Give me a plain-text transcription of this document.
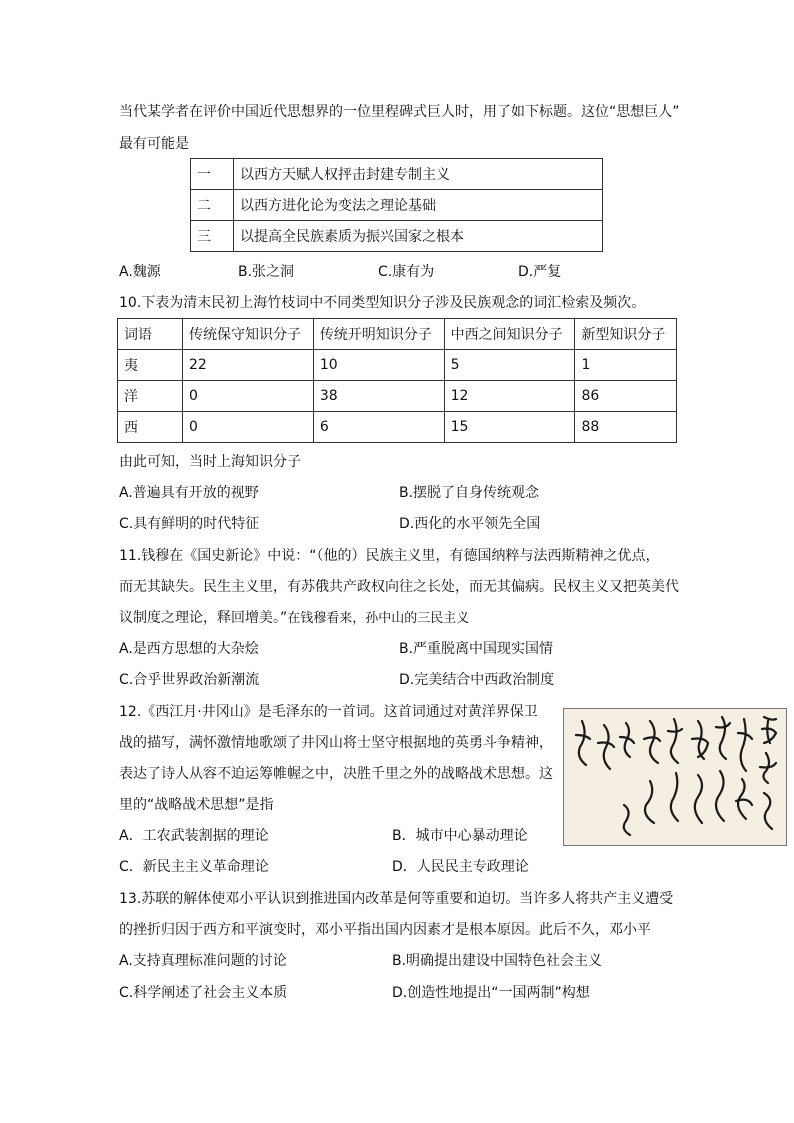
当代某学者在评价中国近代思想界的一位里程碑式巨人时，用了如下标题。这位“思想巨人”
最有可能是
一	以西方天赋人权抨击封建专制主义
二	以西方进化论为变法之理论基础
三	以提高全民族素质为振兴国家之根本
A.魏源	B.张之洞	C.康有为	D.严复
10.下表为清末民初上海竹枝词中不同类型知识分子涉及民族观念的词汇检索及频次。
词语	传统保守知识分子	传统开明知识分子	中西之间知识分子	新型知识分子
夷	22	10	5	1
洋	0	38	12	86
西	0	6	15	88
由此可知，当时上海知识分子
A.普遍具有开放的视野	B.摆脱了自身传统观念
C.具有鲜明的时代特征	D.西化的水平领先全国
11.钱穆在《国史新论》中说：“（他的）民族主义里，有德国纳粹与法西斯精神之优点，
而无其缺失。民生主义里，有苏俄共产政权向往之长处，而无其偏病。民权主义又把英美代
议制度之理论，释回增美。”在钱穆看来，孙中山的三民主义
A.是西方思想的大杂烩	B.严重脱离中国现实国情
C.合乎世界政治新潮流	D.完美结合中西政治制度
12.《西江月·井冈山》是毛泽东的一首词。这首词通过对黄洋界保卫
战的描写，满怀激情地歌颂了井冈山将士坚守根据地的英勇斗争精神，
表达了诗人从容不迫运筹帷幄之中，决胜千里之外的战略战术思想。这
里的“战略战术思想”是指
A．工农武装割据的理论	B．城市中心暴动理论
C．新民主主义革命理论	D．人民民主专政理论
13.苏联的解体使邓小平认识到推进国内改革是何等重要和迫切。当许多人将共产主义遭受
的挫折归因于西方和平演变时，邓小平指出国内因素才是根本原因。此后不久，邓小平
A.支持真理标准问题的讨论	B.明确提出建设中国特色社会主义
C.科学阐述了社会主义本质	D.创造性地提出“一国两制”构想
